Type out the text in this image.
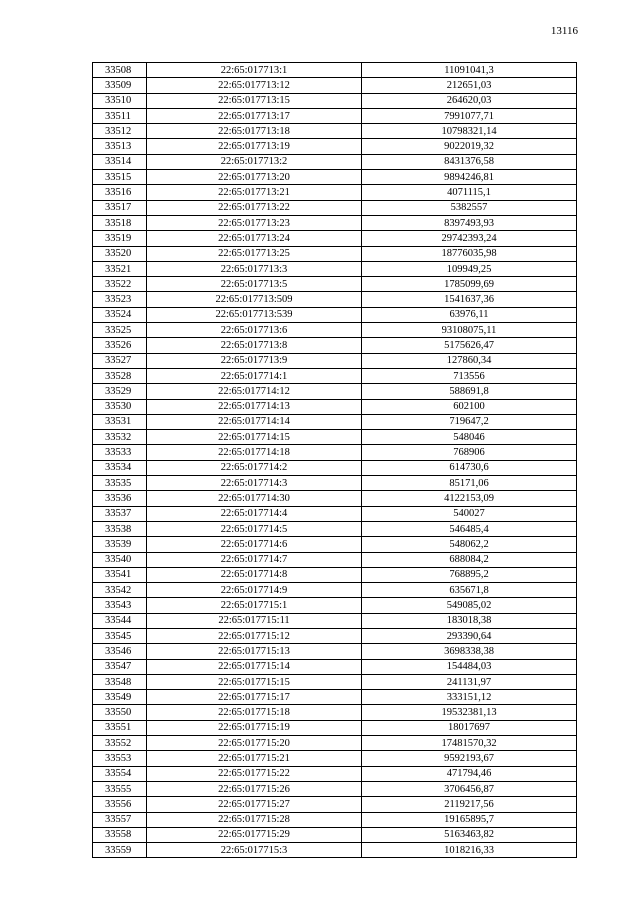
13116
33508	22:65:017713:1	11091041,3
33509	22:65:017713:12	212651,03
33510	22:65:017713:15	264620,03
33511	22:65:017713:17	7991077,71
33512	22:65:017713:18	10798321,14
33513	22:65:017713:19	9022019,32
33514	22:65:017713:2	8431376,58
33515	22:65:017713:20	9894246,81
33516	22:65:017713:21	4071115,1
33517	22:65:017713:22	5382557
33518	22:65:017713:23	8397493,93
33519	22:65:017713:24	29742393,24
33520	22:65:017713:25	18776035,98
33521	22:65:017713:3	109949,25
33522	22:65:017713:5	1785099,69
33523	22:65:017713:509	1541637,36
33524	22:65:017713:539	63976,11
33525	22:65:017713:6	93108075,11
33526	22:65:017713:8	5175626,47
33527	22:65:017713:9	127860,34
33528	22:65:017714:1	713556
33529	22:65:017714:12	588691,8
33530	22:65:017714:13	602100
33531	22:65:017714:14	719647,2
33532	22:65:017714:15	548046
33533	22:65:017714:18	768906
33534	22:65:017714:2	614730,6
33535	22:65:017714:3	85171,06
33536	22:65:017714:30	4122153,09
33537	22:65:017714:4	540027
33538	22:65:017714:5	546485,4
33539	22:65:017714:6	548062,2
33540	22:65:017714:7	688084,2
33541	22:65:017714:8	768895,2
33542	22:65:017714:9	635671,8
33543	22:65:017715:1	549085,02
33544	22:65:017715:11	183018,38
33545	22:65:017715:12	293390,64
33546	22:65:017715:13	3698338,38
33547	22:65:017715:14	154484,03
33548	22:65:017715:15	241131,97
33549	22:65:017715:17	333151,12
33550	22:65:017715:18	19532381,13
33551	22:65:017715:19	18017697
33552	22:65:017715:20	17481570,32
33553	22:65:017715:21	9592193,67
33554	22:65:017715:22	471794,46
33555	22:65:017715:26	3706456,87
33556	22:65:017715:27	2119217,56
33557	22:65:017715:28	19165895,7
33558	22:65:017715:29	5163463,82
33559	22:65:017715:3	1018216,33
